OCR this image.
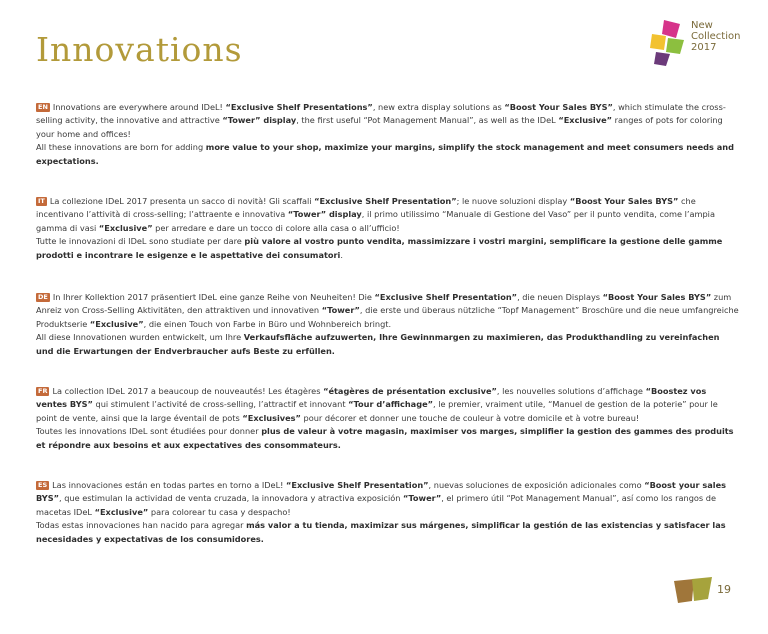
Innovations
New
Collection
2017

EN Innovations are everywhere around IDeL! “Exclusive Shelf Presentations”, new extra display solutions as “Boost Your Sales BYS”, which stimulate the cross-selling activity, the innovative and attractive “Tower” display, the first useful “Pot Management Manual”, as well as the IDeL “Exclusive” ranges of pots for coloring your home and offices!

All these innovations are born for adding more value to your shop, maximize your margins, simplify the stock management and meet consumers needs and expectations.

IT La collezione IDeL 2017 presenta un sacco di novità! Gli scaffali “Exclusive Shelf Presentation”; le nuove soluzioni display “Boost Your Sales BYS” che incentivano l’attività di cross-selling; l’attraente e innovativa “Tower” display, il primo utilissimo “Manuale di Gestione del Vaso” per il punto vendita, come l’ampia gamma di vasi “Exclusive” per arredare e dare un tocco di colore alla casa o all’ufficio!

Tutte le innovazioni di IDeL sono studiate per dare più valore al vostro punto vendita, massimizzare i vostri margini, semplificare la gestione delle gamme prodotti e incontrare le esigenze e le aspettative dei consumatori.

DE In Ihrer Kollektion 2017 präsentiert IDeL eine ganze Reihe von Neuheiten! Die “Exclusive Shelf Presentation”, die neuen Displays “Boost Your Sales BYS” zum Anreiz von Cross-Selling Aktivitäten, den attraktiven und innovativen “Tower”, die erste und überaus nützliche “Topf Management” Broschüre und die neue umfangreiche Produktserie “Exclusive”, die einen Touch von Farbe in Büro und Wohnbereich bringt.

All diese Innovationen wurden entwickelt, um Ihre Verkaufsfläche aufzuwerten, Ihre Gewinnmargen zu maximieren, das Produkthandling zu vereinfachen und die Erwartungen der Endverbraucher aufs Beste zu erfüllen.

FR La collection IDeL 2017 a beaucoup de nouveautés! Les étagères “étagères de présentation exclusive”, les nouvelles solutions d’affichage “Boostez vos ventes BYS” qui stimulent l’activité de cross-selling, l’attractif et innovant “Tour d’affichage”, le premier, vraiment utile, “Manuel de gestion de la poterie” pour le point de vente, ainsi que la large éventail de pots “Exclusives” pour décorer et donner une touche de couleur à votre domicile et à votre bureau!

Toutes les innovations IDeL sont étudiées pour donner plus de valeur à votre magasin, maximiser vos marges, simplifier la gestion des gammes des produits et répondre aux besoins et aux expectatives des consommateurs.

ES Las innovaciones están en todas partes en torno a IDeL! “Exclusive Shelf Presentation”, nuevas soluciones de exposición adicionales como “Boost your sales BYS”, que estimulan la actividad de venta cruzada, la innovadora y atractiva exposición “Tower”, el primero útil “Pot Management Manual”, así como los rangos de macetas IDeL “Exclusive” para colorear tu casa y despacho!

Todas estas innovaciones han nacido para agregar más valor a tu tienda, maximizar sus márgenes, simplificar la gestión de las existencias y satisfacer las necesidades y expectativas de los consumidores.

19
